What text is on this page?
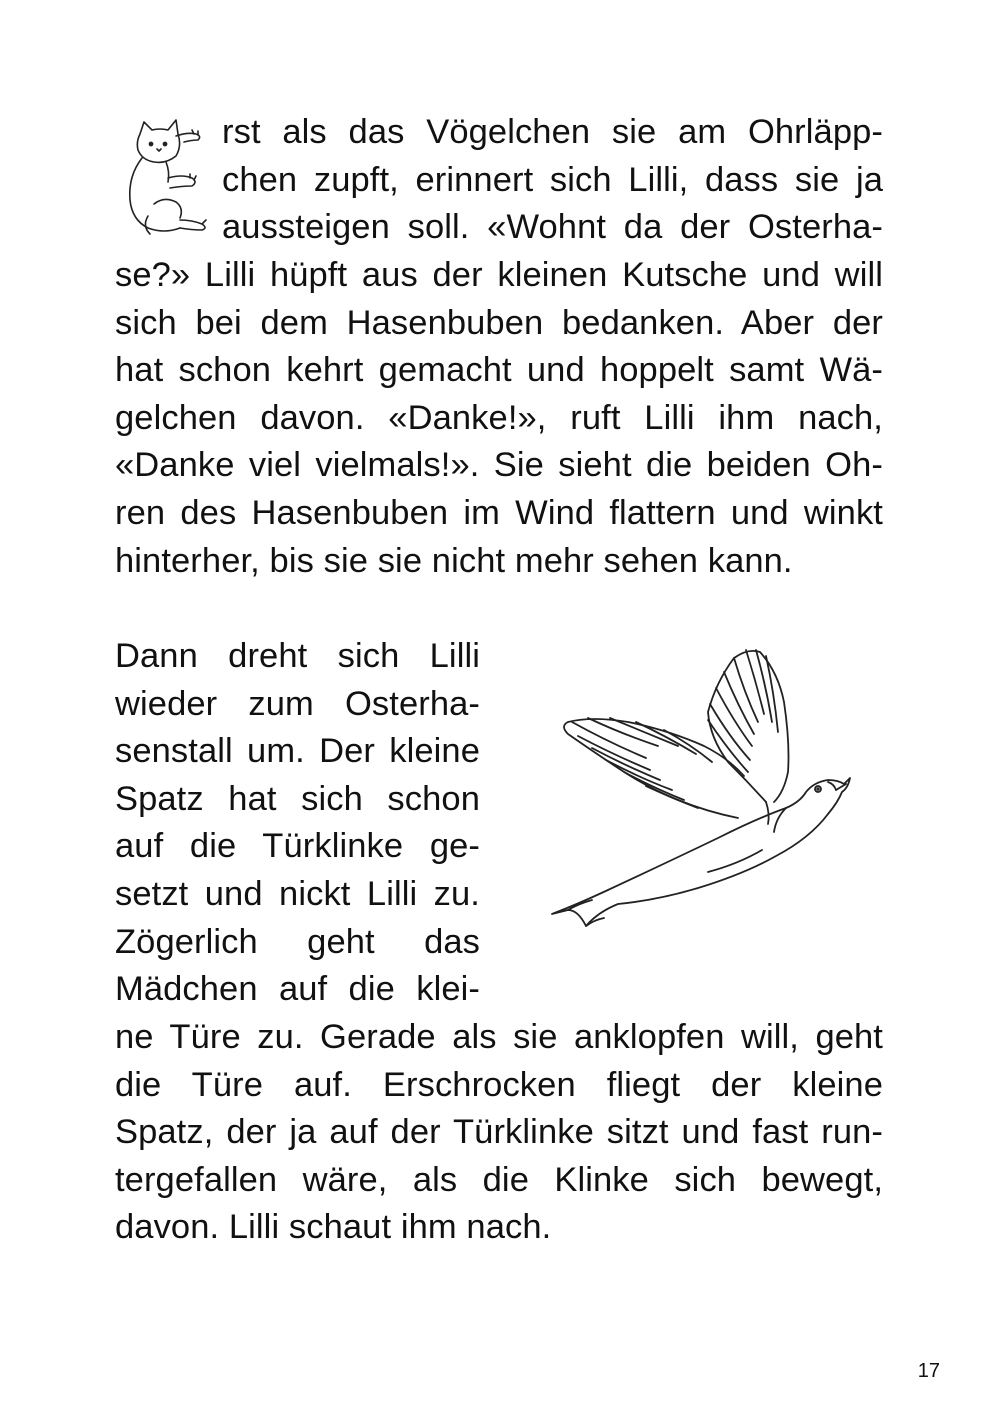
rst als das Vögelchen sie am Ohrläpp-
chen zupft, erinnert sich Lilli, dass sie ja
aussteigen soll. «Wohnt da der Osterha-
se?» Lilli hüpft aus der kleinen Kutsche und will
sich bei dem Hasenbuben bedanken. Aber der
hat schon kehrt gemacht und hoppelt samt Wä-
gelchen davon. «Danke!», ruft Lilli ihm nach,
«Danke viel vielmals!». Sie sieht die beiden Oh-
ren des Hasenbuben im Wind flattern und winkt
hinterher, bis sie sie nicht mehr sehen kann.
Dann dreht sich Lilli
wieder zum Osterha-
senstall um. Der kleine
Spatz hat sich schon
auf die Türklinke ge-
setzt und nickt Lilli zu.
Zögerlich geht das
Mädchen auf die klei-
ne Türe zu. Gerade als sie anklopfen will, geht
die Türe auf. Erschrocken fliegt der kleine
Spatz, der ja auf der Türklinke sitzt und fast run-
tergefallen wäre, als die Klinke sich bewegt,
davon. Lilli schaut ihm nach.
17
